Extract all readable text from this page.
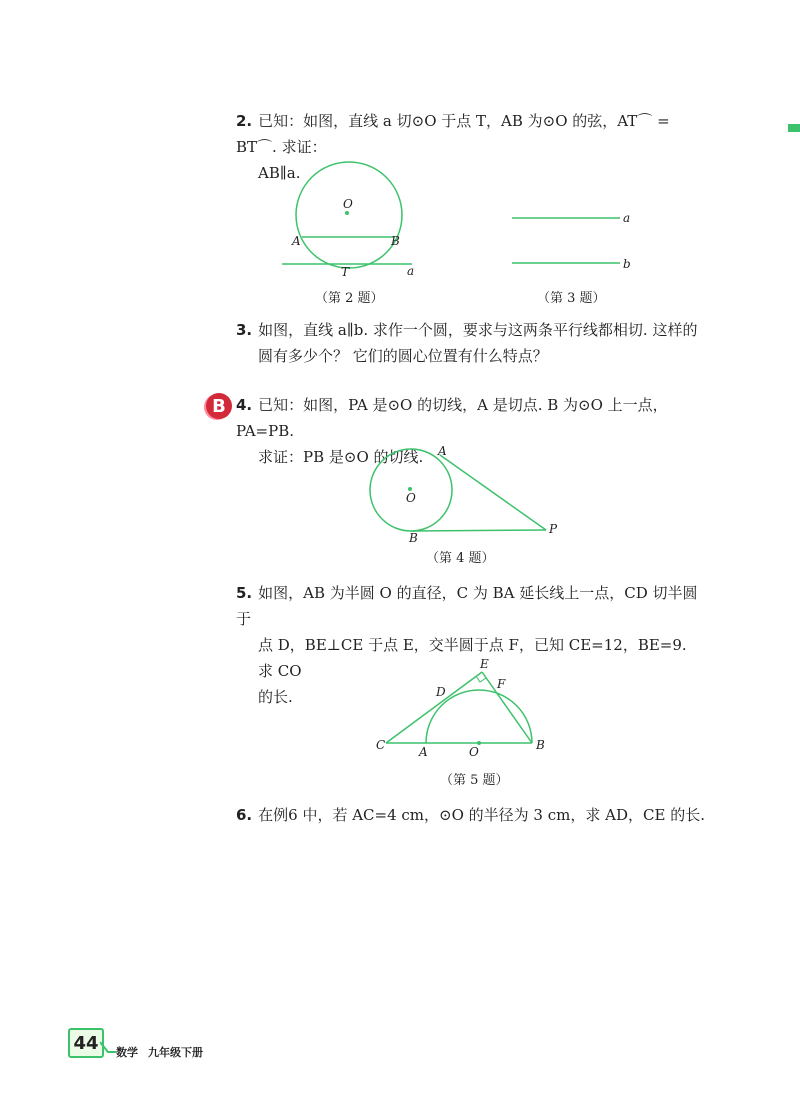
2. 已知：如图，直线 a 切⊙O 于点 T，AB 为⊙O 的弦，AT⌒ = BT⌒. 求证：
AB∥a.
O
A	B
T	a
（第 2 题）
a
b
（第 3 题）
3. 如图，直线 a∥b. 求作一个圆，要求与这两条平行线都相切. 这样的
圆有多少个？ 它们的圆心位置有什么特点？
B 4. 已知：如图，PA 是⊙O 的切线，A 是切点. B 为⊙O 上一点，PA=PB.
求证：PB 是⊙O 的切线.
O
A
B
P
（第 4 题）
5. 如图，AB 为半圆 O 的直径，C 为 BA 延长线上一点，CD 切半圆于
点 D，BE⊥CE 于点 E，交半圆于点 F，已知 CE=12，BE=9. 求 CO
的长.
C	A	O	B
D
E
F
（第 5 题）
6. 在例6 中，若 AC=4 cm，⊙O 的半径为 3 cm，求 AD，CE 的长.
44	数学 九年级下册
